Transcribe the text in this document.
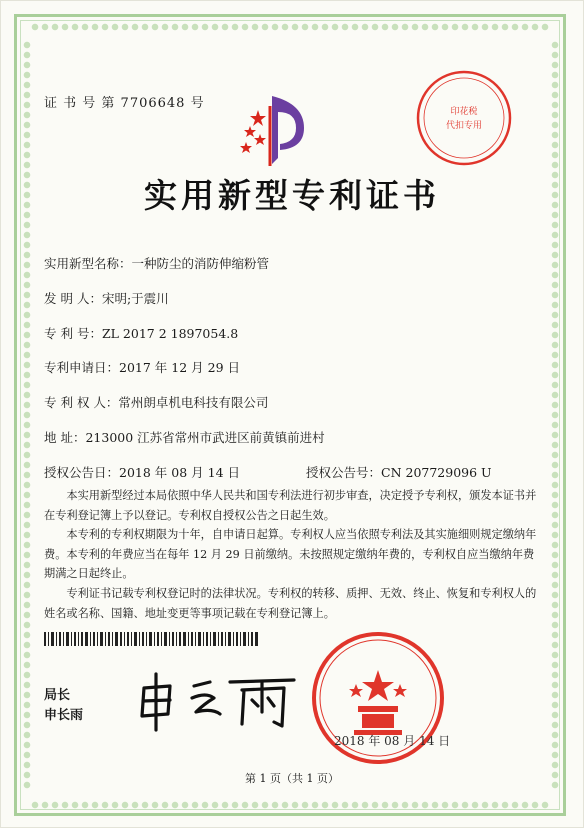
证 书 号 第 7706648 号
印花税
代扣专用
实用新型专利证书
实用新型名称：一种防尘的消防伸缩粉管
发 明 人：宋明;于震川
专 利 号：ZL 2017 2 1897054.8
专利申请日：2017 年 12 月 29 日
专 利 权 人：常州朗卓机电科技有限公司
地 址：213000 江苏省常州市武进区前黄镇前进村
授权公告日：2018 年 08 月 14 日	授权公告号：CN 207729096 U

本实用新型经过本局依照中华人民共和国专利法进行初步审查，决定授予专利权，颁发本证书并在专利登记簿上予以登记。专利权自授权公告之日起生效。

本专利的专利权期限为十年，自申请日起算。专利权人应当依照专利法及其实施细则规定缴纳年费。本专利的年费应当在每年 12 月 29 日前缴纳。未按照规定缴纳年费的，专利权自应当缴纳年费期满之日起终止。

专利证书记载专利权登记时的法律状况。专利权的转移、质押、无效、终止、恢复和专利权人的姓名或名称、国籍、地址变更等事项记载在专利登记簿上。

局长
申长雨
2018 年 08 月 14 日
第 1 页（共 1 页）
